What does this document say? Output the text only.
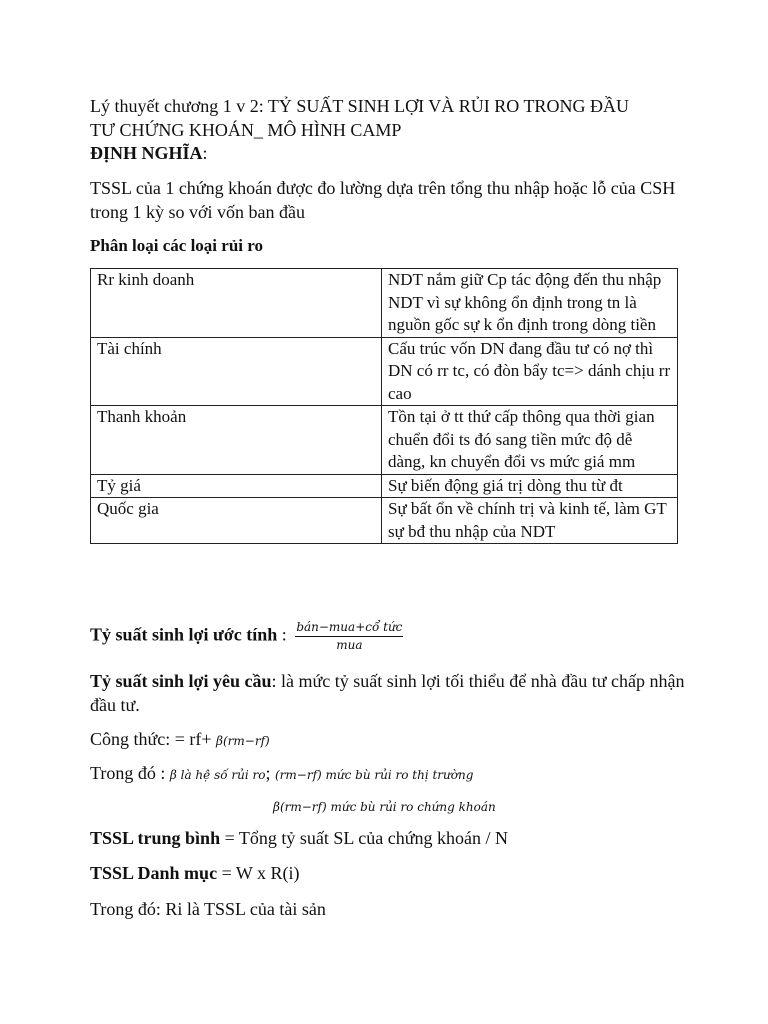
Lý thuyết chương 1 v 2: TỶ SUẤT SINH LỢI VÀ RỦI RO TRONG ĐẦU
TƯ CHỨNG KHOÁN_ MÔ HÌNH CAMP
ĐỊNH NGHĨA:
TSSL của 1 chứng khoán được đo lường dựa trên tổng thu nhập hoặc lỗ của CSH trong 1 kỳ so với vốn ban đầu
Phân loại các loại rủi ro
Rr kinh doanh	NDT nắm giữ Cp tác động đến thu nhập NDT vì sự không ổn định trong tn là nguồn gốc sự k ổn định trong dòng tiền
Tài chính	Cấu trúc vốn DN đang đầu tư có nợ thì DN có rr tc, có đòn bẩy tc=> dánh chịu rr cao
Thanh khoản	Tồn tại ở tt thứ cấp thông qua thời gian chuển đổi ts đó sang tiền mức độ dễ dàng, kn chuyển đổi vs mức giá mm
Tỷ giá	Sự biến động giá trị dòng thu từ đt
Quốc gia	Sự bất ổn về chính trị và kinh tế, làm GT sự bđ thu nhập của NDT
Tỷ suất sinh lợi ước tính : $\frac{\text{bán−mua+cổ tức}}{\text{mua}}$
Tỷ suất sinh lợi yêu cầu: là mức tỷ suất sinh lợi tối thiểu để nhà đầu tư chấp nhận đầu tư.
Công thức: = rf+ β(rm−rf)
Trong đó : β là hệ số rủi ro; (rm−rf) mức bù rủi ro thị trường
β(rm−rf) mức bù rủi ro chứng khoán
TSSL trung bình = Tổng tỷ suất SL của chứng khoán / N
TSSL Danh mục = W x R(i)
Trong đó: Ri là TSSL của tài sản
